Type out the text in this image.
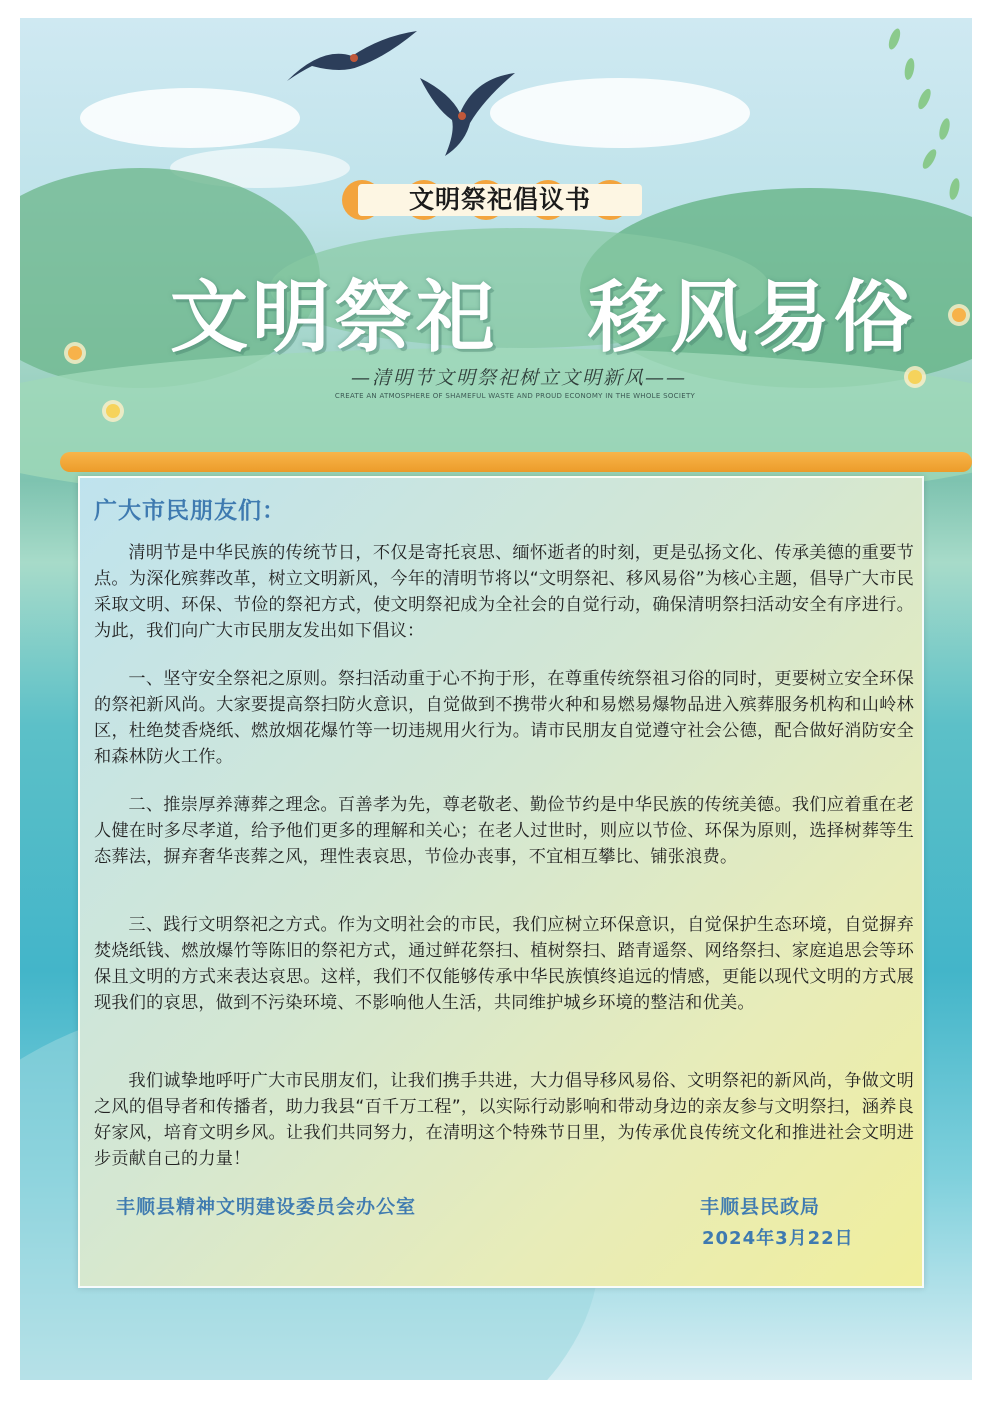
文明祭祀倡议书
文明祭祀 移风易俗
—清明节文明祭祀树立文明新风——
CREATE AN ATMOSPHERE OF SHAMEFUL WASTE AND PROUD ECONOMY IN THE WHOLE SOCIETY
广大市民朋友们：

清明节是中华民族的传统节日，不仅是寄托哀思、缅怀逝者的时刻，更是弘扬文化、传承美德的重要节点。为深化殡葬改革，树立文明新风，今年的清明节将以“文明祭祀、移风易俗”为核心主题，倡导广大市民采取文明、环保、节俭的祭祀方式，使文明祭祀成为全社会的自觉行动，确保清明祭扫活动安全有序进行。为此，我们向广大市民朋友发出如下倡议：

一、坚守安全祭祀之原则。祭扫活动重于心不拘于形，在尊重传统祭祖习俗的同时，更要树立安全环保的祭祀新风尚。大家要提高祭扫防火意识，自觉做到不携带火种和易燃易爆物品进入殡葬服务机构和山岭林区，杜绝焚香烧纸、燃放烟花爆竹等一切违规用火行为。请市民朋友自觉遵守社会公德，配合做好消防安全和森林防火工作。

二、推崇厚养薄葬之理念。百善孝为先，尊老敬老、勤俭节约是中华民族的传统美德。我们应着重在老人健在时多尽孝道，给予他们更多的理解和关心；在老人过世时，则应以节俭、环保为原则，选择树葬等生态葬法，摒弃奢华丧葬之风，理性表哀思，节俭办丧事，不宜相互攀比、铺张浪费。

三、践行文明祭祀之方式。作为文明社会的市民，我们应树立环保意识，自觉保护生态环境，自觉摒弃焚烧纸钱、燃放爆竹等陈旧的祭祀方式，通过鲜花祭扫、植树祭扫、踏青遥祭、网络祭扫、家庭追思会等环保且文明的方式来表达哀思。这样，我们不仅能够传承中华民族慎终追远的情感，更能以现代文明的方式展现我们的哀思，做到不污染环境、不影响他人生活，共同维护城乡环境的整洁和优美。

我们诚挚地呼吁广大市民朋友们，让我们携手共进，大力倡导移风易俗、文明祭祀的新风尚，争做文明之风的倡导者和传播者，助力我县“百千万工程”，以实际行动影响和带动身边的亲友参与文明祭扫，涵养良好家风，培育文明乡风。让我们共同努力，在清明这个特殊节日里，为传承优良传统文化和推进社会文明进步贡献自己的力量！

丰顺县精神文明建设委员会办公室	丰顺县民政局
2024年3月22日
